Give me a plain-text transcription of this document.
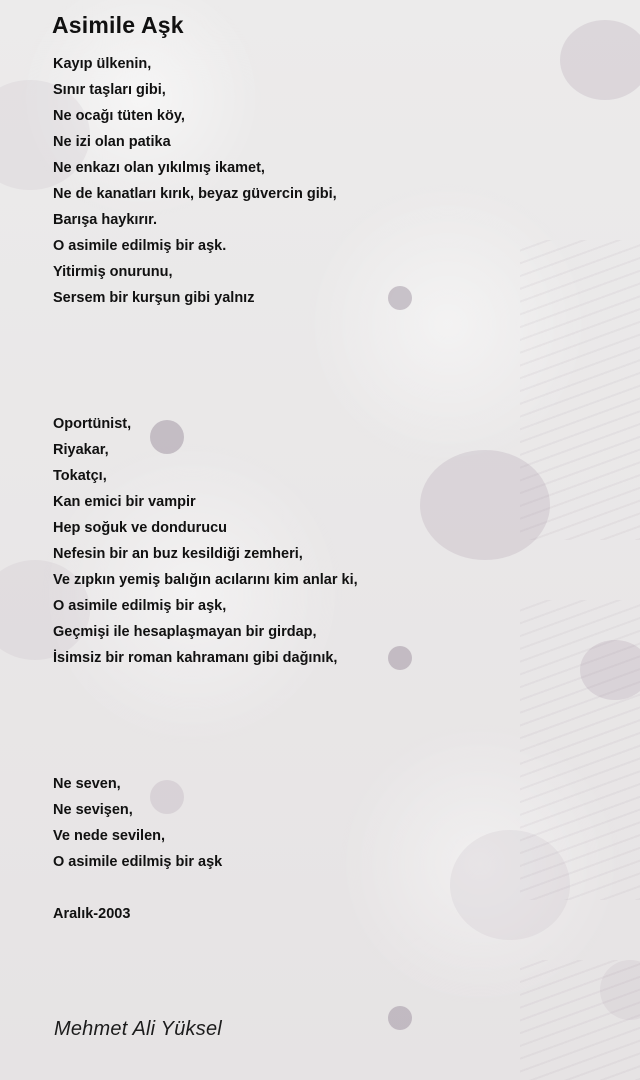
Asimile Aşk
Kayıp ülkenin,
Sınır taşları gibi,
Ne ocağı tüten köy,
Ne izi olan patika
Ne enkazı olan yıkılmış ikamet,
Ne de kanatları kırık, beyaz güvercin gibi,
Barışa haykırır.
O asimile edilmiş bir aşk.
Yitirmiş onurunu,
Sersem bir kurşun gibi yalnız
Oportünist,
Riyakar,
Tokatçı,
Kan emici bir vampir
Hep soğuk ve dondurucu
Nefesin bir an buz kesildiği zemheri,
Ve zıpkın yemiş balığın acılarını kim anlar ki,
O asimile edilmiş bir aşk,
Geçmişi ile hesaplaşmayan bir girdap,
İsimsiz bir roman kahramanı gibi dağınık,
Ne seven,
Ne sevişen,
Ve nede sevilen,
O asimile edilmiş bir aşk
Aralık-2003
Mehmet Ali Yüksel
